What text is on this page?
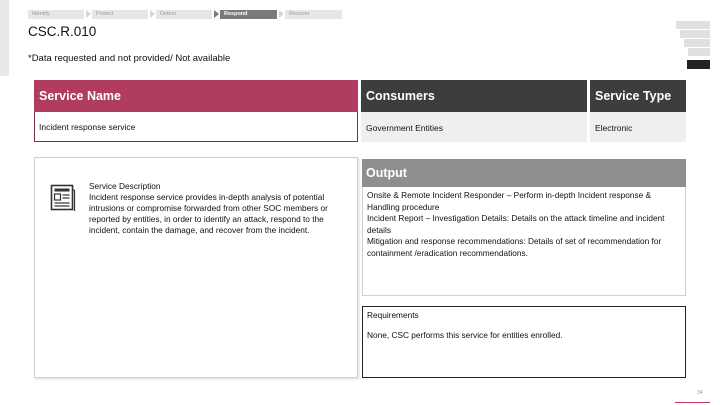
Identify	Protect	Detect	Respond	Recover
CSC.R.010
*Data requested and not provided/ Not available
Service Name	Consumers	Service Type
Incident response service	Government Entities	Electronic
Service Description
Incident response service provides in-depth analysis of potential intrusions or compromise forwarded from other SOC members or reported by entities, in order to identify an attack, respond to the incident, contain the damage, and recover from the incident.
Output
Onsite & Remote Incident Responder – Perform in-depth Incident response & Handling procedure
Incident Report – Investigation Details: Details on the attack timeline and incident details
Mitigation and response recommendations: Details of set of recommendation for containment /eradication recommendations.
Requirements
None, CSC performs this service for entities enrolled.
34
